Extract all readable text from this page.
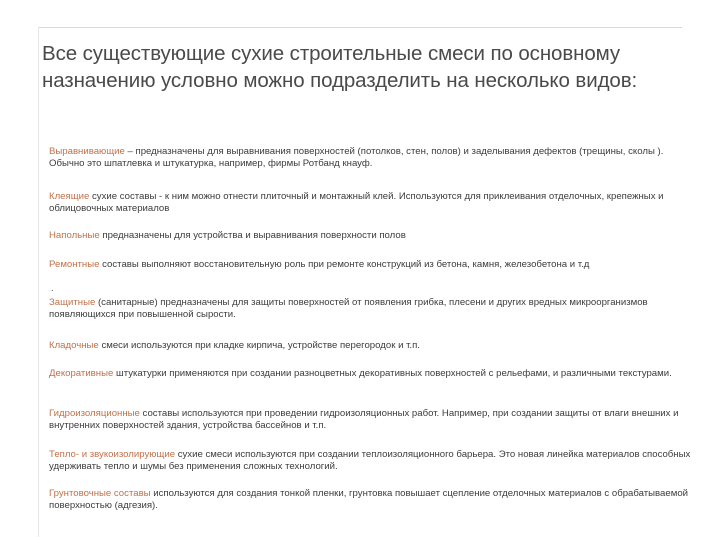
Все существующие сухие строительные смеси по основному назначению условно можно подразделить на несколько видов:
Выравнивающие – предназначены для выравнивания поверхностей (потолков, стен, полов) и заделывания дефектов (трещины, сколы ). Обычно это шпатлевка и штукатурка, например, фирмы Ротбанд кнауф.
Клеящие сухие составы - к ним можно отнести плиточный и монтажный клей. Используются для приклеивания отделочных, крепежных и облицовочных материалов
Напольные предназначены для устройства и выравнивания поверхности полов
Ремонтные составы выполняют восстановительную роль при ремонте конструкций из бетона, камня, железобетона и т.д
.
Защитные (санитарные) предназначены для защиты поверхностей от появления грибка, плесени и других вредных микроорганизмов появляющихся при повышенной сырости.
Кладочные смеси используются при кладке кирпича, устройстве перегородок и т.п.
Декоративные штукатурки применяются при создании разноцветных декоративных поверхностей с рельефами, и различными текстурами.
Гидроизоляционные составы используются при проведении гидроизоляционных работ. Например, при создании защиты от влаги внешних и внутренних поверхностей здания, устройства бассейнов и т.п.
Тепло- и звукоизолирующие сухие смеси используются при создании теплоизоляционного барьера. Это новая линейка материалов способных удерживать тепло и шумы без применения сложных технологий.
Грунтовочные составы используются для создания тонкой пленки, грунтовка повышает сцепление отделочных материалов с обрабатываемой поверхностью (адгезия).
